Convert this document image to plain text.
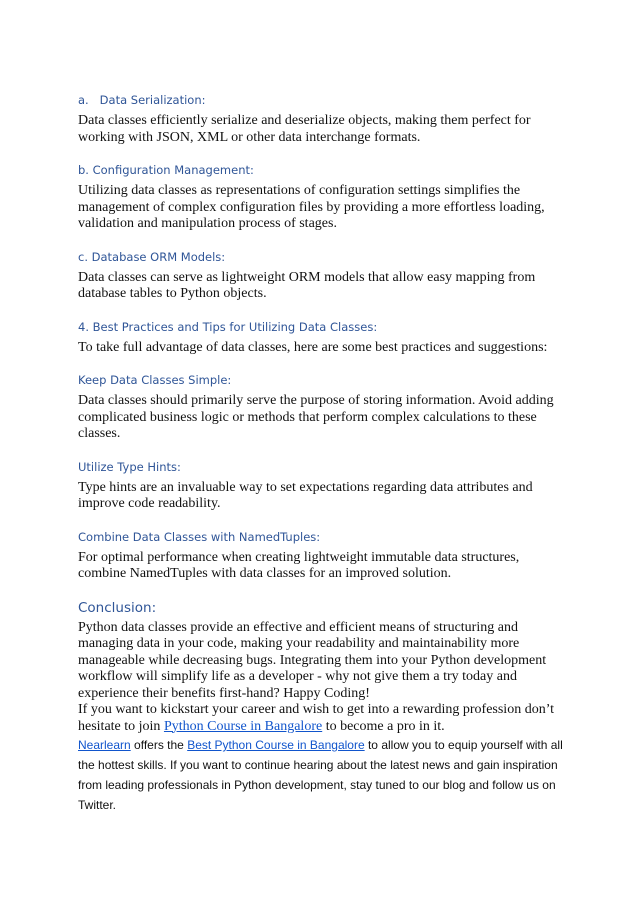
a.   Data Serialization:

Data classes efficiently serialize and deserialize objects, making them perfect for working with JSON, XML or other data interchange formats.

b. Configuration Management:

Utilizing data classes as representations of configuration settings simplifies the management of complex configuration files by providing a more effortless loading, validation and manipulation process of stages.

c. Database ORM Models:

Data classes can serve as lightweight ORM models that allow easy mapping from database tables to Python objects.

4. Best Practices and Tips for Utilizing Data Classes:

To take full advantage of data classes, here are some best practices and suggestions:

Keep Data Classes Simple:

Data classes should primarily serve the purpose of storing information. Avoid adding complicated business logic or methods that perform complex calculations to these classes.

Utilize Type Hints:

Type hints are an invaluable way to set expectations regarding data attributes and improve code readability.

Combine Data Classes with NamedTuples:

For optimal performance when creating lightweight immutable data structures, combine NamedTuples with data classes for an improved solution.

Conclusion:

Python data classes provide an effective and efficient means of structuring and managing data in your code, making your readability and maintainability more manageable while decreasing bugs. Integrating them into your Python development workflow will simplify life as a developer - why not give them a try today and experience their benefits first-hand? Happy Coding!

If you want to kickstart your career and wish to get into a rewarding profession don’t hesitate to join Python Course in Bangalore to become a pro in it.

Nearlearn offers the Best Python Course in Bangalore to allow you to equip yourself with all the hottest skills. If you want to continue hearing about the latest news and gain inspiration from leading professionals in Python development, stay tuned to our blog and follow us on Twitter.
